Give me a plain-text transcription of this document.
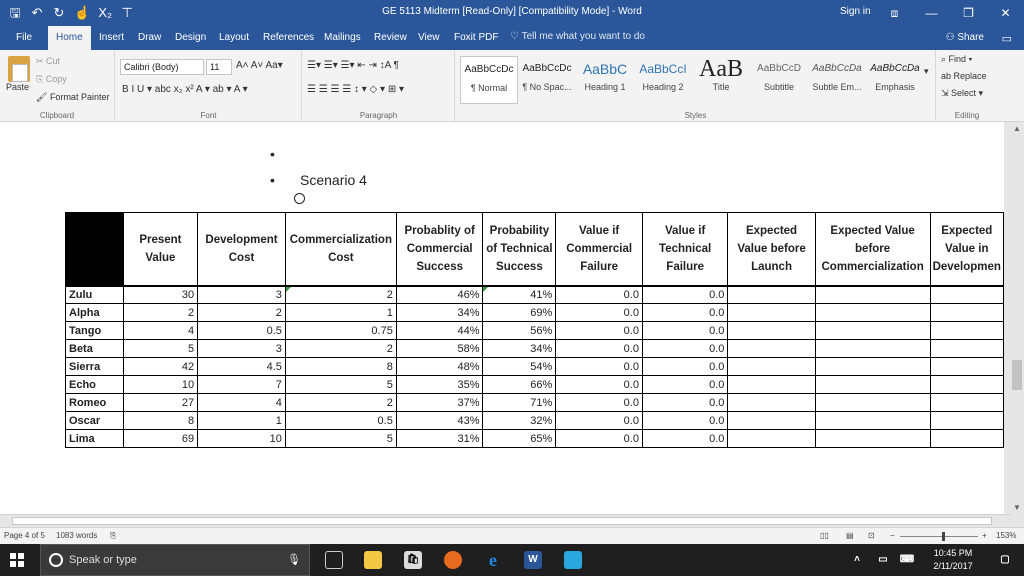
🖫 ↶ ↻ ☝ X₂ ⊤	GE 5113 Midterm [Read-Only] [Compatibility Mode] - Word	Sign in	⧈	—	❐	✕
File	Home	Insert	Draw	Design	Layout	References Mailings	Review	View	Foxit PDF	♡ Tell me what you want to do	⚇ Share ▭
Paste
✂ Cut
⎘ Copy
🖌 Format Painter
Clipboard
Calibri (Body)	11	A˄ A˅ Aa▾
B I U ▾ abc x₂ x² A ▾ ab ▾ A ▾
Font
☰▾ ☰▾ ☰▾ ⇤ ⇥ ↕A ¶
☰ ☰ ☰ ☰ ↕ ▾ ◇ ▾ ⊞ ▾
Paragraph
AaBbCcDc
¶ Normal
AaBbCcDc
¶ No Spac...
AaBbC
Heading 1
AaBbCcI
Heading 2
AaB
Title
AaBbCcD
Subtitle
AaBbCcDa
Subtle Em...
AaBbCcDa
Emphasis
▾
Styles
⌕ Find ▾
ab Replace
⇲ Select ▾
Editing
•
• Scenario 4
	Present Value	Development Cost	Commercialization Cost	Probablity of Commercial Success	Probability of Technical Success	Value if Commercial Failure	Value if Technical Failure	Expected Value before Launch	Expected Value before Commercialization	Expected Value in Developmen
Zulu	30	3	2	46%	41%	0.0	0.0			
Alpha	2	2	1	34%	69%	0.0	0.0			
Tango	4	0.5	0.75	44%	56%	0.0	0.0			
Beta	5	3	2	58%	34%	0.0	0.0			
Sierra	42	4.5	8	48%	54%	0.0	0.0			
Echo	10	7	5	35%	66%	0.0	0.0			
Romeo	27	4	2	37%	71%	0.0	0.0			
Oscar	8	1	0.5	43%	32%	0.0	0.0			
Lima	69	10	5	31%	65%	0.0	0.0			
▲
▼
Page 4 of 5 1083 words ⎘	▯▯ ▤ ⊡ −	+ 153%
Speak or type	🎙	🛍	e	W	˄	▭	⌨
10:45 PM
2/11/2017
▢
